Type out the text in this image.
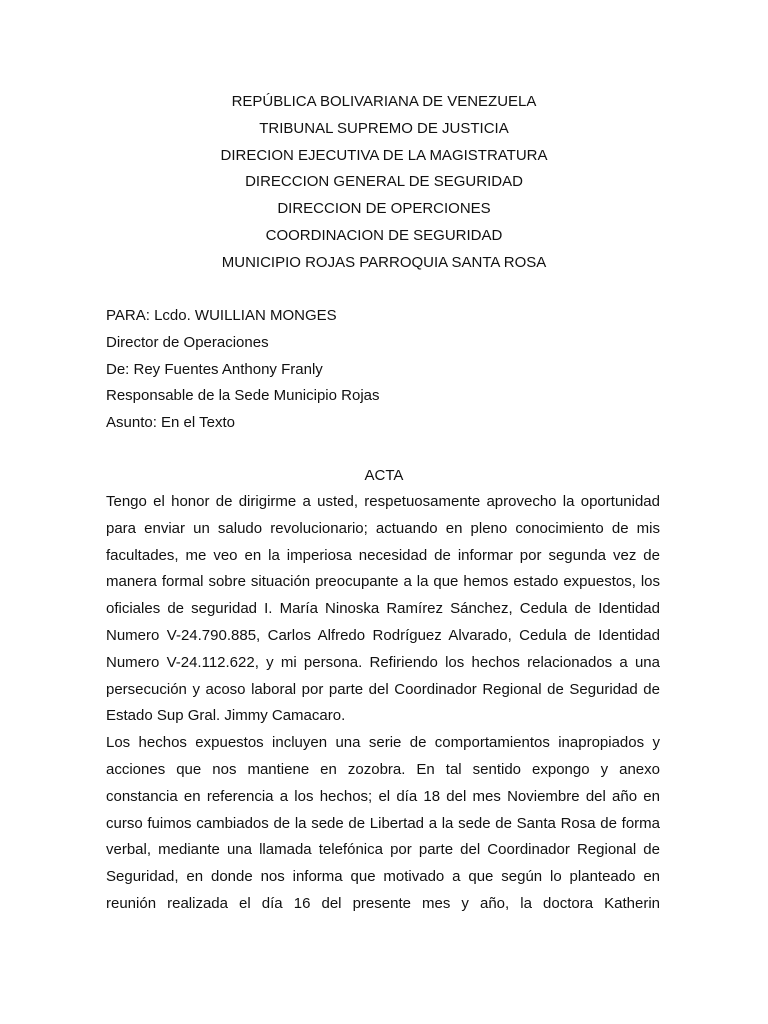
REPÚBLICA BOLIVARIANA DE VENEZUELA
TRIBUNAL SUPREMO DE JUSTICIA
DIRECION EJECUTIVA DE LA MAGISTRATURA
DIRECCION GENERAL DE SEGURIDAD
DIRECCION DE OPERCIONES
COORDINACION DE SEGURIDAD
MUNICIPIO ROJAS PARROQUIA SANTA ROSA
PARA: Lcdo. WUILLIAN MONGES
Director de Operaciones
De: Rey Fuentes Anthony Franly
Responsable de la Sede Municipio Rojas
Asunto: En el Texto
ACTA
Tengo el honor de dirigirme a usted, respetuosamente aprovecho la oportunidad
para enviar un saludo revolucionario; actuando en pleno conocimiento de mis
facultades, me veo en la imperiosa necesidad de informar por segunda vez de
manera formal sobre situación preocupante a la que hemos estado expuestos, los
oficiales de seguridad I. María Ninoska Ramírez Sánchez, Cedula de Identidad
Numero V-24.790.885, Carlos Alfredo Rodríguez Alvarado, Cedula de Identidad
Numero V-24.112.622, y mi persona. Refiriendo los hechos relacionados a una
persecución y acoso laboral por parte del Coordinador Regional de Seguridad de
Estado Sup Gral. Jimmy Camacaro.
Los hechos expuestos incluyen una serie de comportamientos inapropiados y
acciones que nos mantiene en zozobra. En tal sentido expongo y anexo
constancia en referencia a los hechos; el día 18 del mes Noviembre del año en
curso fuimos cambiados de la sede de Libertad a la sede de Santa Rosa de forma
verbal, mediante una llamada telefónica por parte del Coordinador Regional de
Seguridad, en donde nos informa que motivado a que según lo planteado en
reunión realizada el día 16 del presente mes y año, la doctora Katherin
